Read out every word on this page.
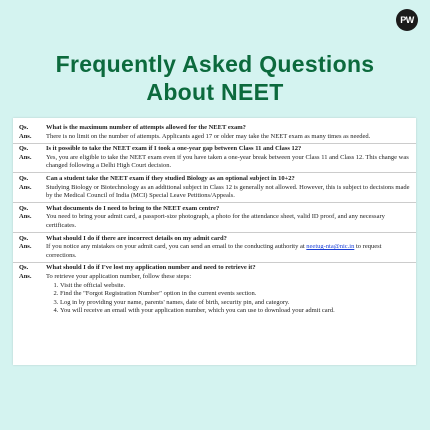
PW
Frequently Asked Questions
About NEET
Qs.	What is the maximum number of attempts allowed for the NEET exam?
Ans.	There is no limit on the number of attempts. Applicants aged 17 or older may take the NEET exam as many times as needed.
Qs.	Is it possible to take the NEET exam if I took a one-year gap between Class 11 and Class 12?
Ans.	Yes, you are eligible to take the NEET exam even if you have taken a one-year break between your Class 11 and Class 12. This change was changed following a Delhi High Court decision.
Qs.	Can a student take the NEET exam if they studied Biology as an optional subject in 10+2?
Ans.	Studying Biology or Biotechnology as an additional subject in Class 12 is generally not allowed. However, this is subject to decisions made by the Medical Council of India (MCI) Special Leave Petitions/Appeals.
Qs.	What documents do I need to bring to the NEET exam centre?
Ans.	You need to bring your admit card, a passport-size photograph, a photo for the attendance sheet, valid ID proof, and any necessary certificates.
Qs.	What should I do if there are incorrect details on my admit card?
Ans.	If you notice any mistakes on your admit card, you can send an email to the conducting authority at neetug-nta@nic.in to request corrections.
Qs.	What should I do if I've lost my application number and need to retrieve it?
Ans.	To retrieve your application number, follow these steps:
1. Visit the official website.
2. Find the "Forgot Registration Number" option in the current events section.
3. Log in by providing your name, parents' names, date of birth, security pin, and category.
4. You will receive an email with your application number, which you can use to download your admit card.
